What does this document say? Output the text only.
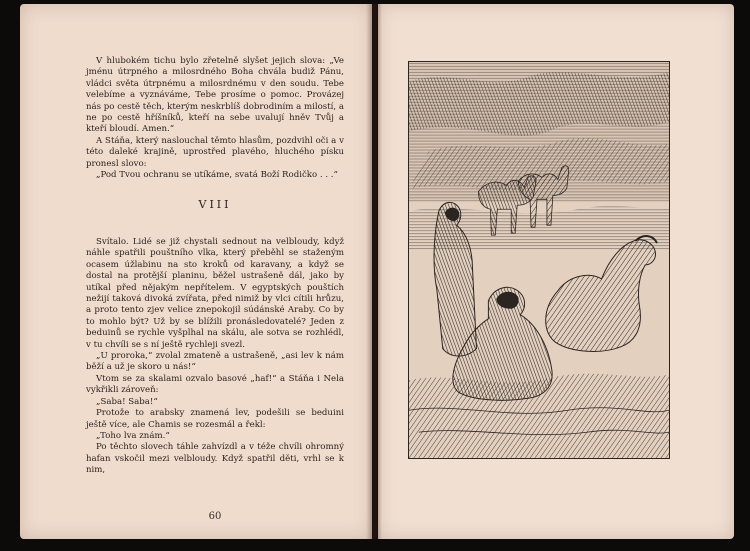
V hlubokém tichu bylo zřetelně slyšet jejich slova: „Ve jménu útrpného a milosrdného Boha chvála budiž Pánu, vládci světa útrpnému a milosrdnému v den soudu. Tebe velebíme a vyznáváme, Tebe prosíme o pomoc. Provázej nás po cestě těch, kterým neskrblíš dobrodiním a milostí, a ne po cestě hříšníků, kteří na sebe uvalují hněv Tvůj a kteří bloudí. Amen.“

A Stáňa, který naslouchal těmto hlasům, pozdvihl oči a v této daleké krajině, uprostřed plavého, hluchého písku pronesl slovo:

„Pod Tvou ochranu se utíkáme, svatá Boží Rodičko . . .“

VIII

Svítalo. Lidé se již chystali sednout na velbloudy, když náhle spatřili pouštního vlka, který přeběhl se staženým ocasem úžlabinu na sto kroků od karavany, a když se dostal na protější planinu, běžel ustrašeně dál, jako by utíkal před nějakým nepřítelem. V egyptských pouštích nežijí taková divoká zvířata, před nimiž by vlci cítili hrůzu, a proto tento zjev velice znepokojil súdánské Araby. Co by to mohlo být? Už by se blížili pronásledovatelé? Jeden z beduinů se rychle vyšplhal na skálu, ale sotva se rozhlédl, v tu chvíli se s ní ještě rychleji svezl.

„U proroka,“ zvolal zmateně a ustrašeně, „asi lev k nám běží a už je skoro u nás!“

Vtom se za skalami ozvalo basové „haf!“ a Stáňa i Nela vykřikli zároveň:

„Saba! Saba!“

Protože to arabsky znamená lev, podešili se beduini ještě více, ale Chamis se rozesmál a řekl:

„Toho lva znám.“

Po těchto slovech táhle zahvízdl a v téže chvíli ohromný hafan vskočil mezi velbloudy. Když spatřil děti, vrhl se k nim,

60
